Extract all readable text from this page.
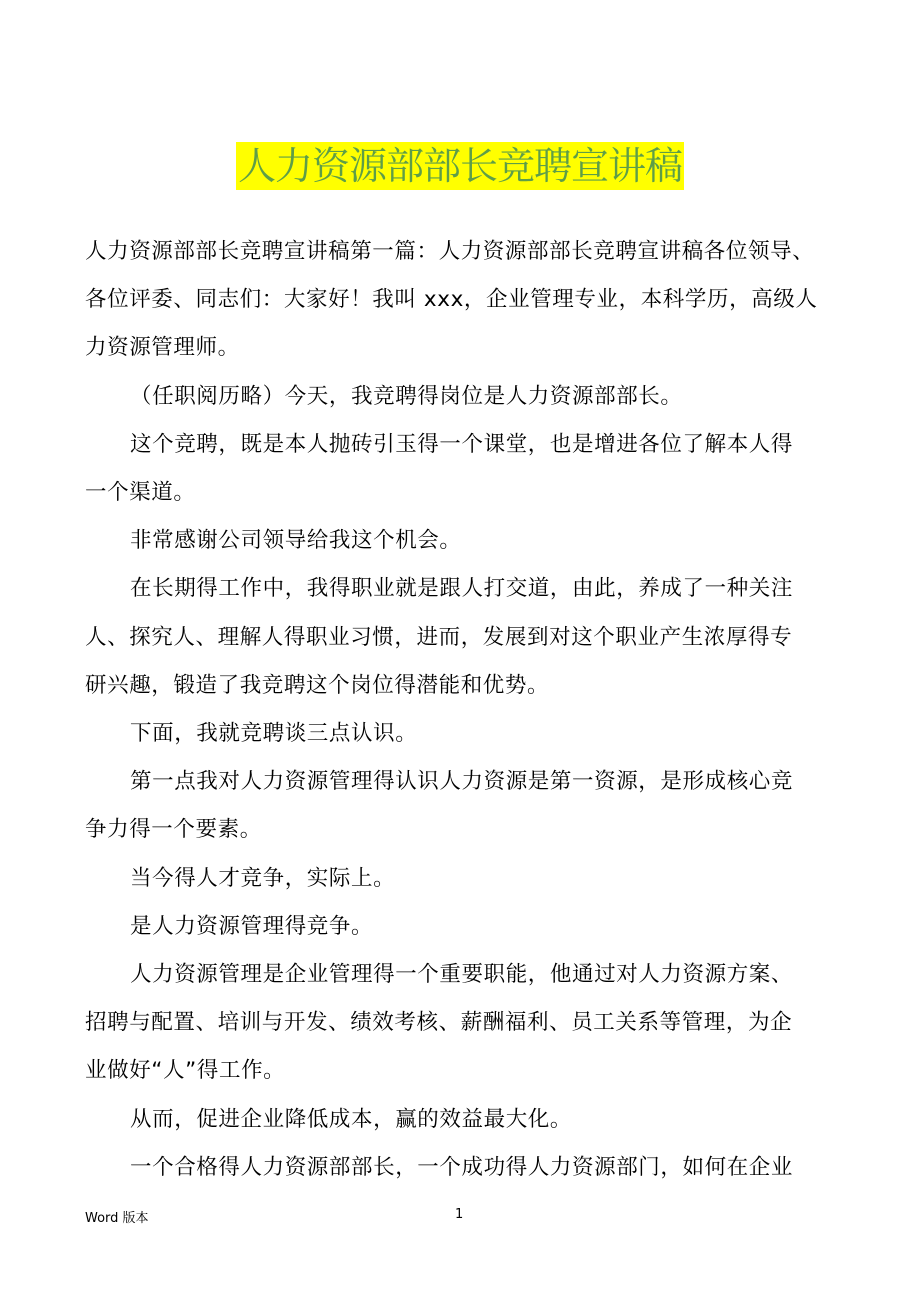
人力资源部部长竞聘宣讲稿
人力资源部部长竞聘宣讲稿第一篇：人力资源部部长竞聘宣讲稿各位领导、
各位评委、同志们：大家好！我叫 xxx，企业管理专业，本科学历，高级人
力资源管理师。
（任职阅历略）今天，我竞聘得岗位是人力资源部部长。
这个竞聘，既是本人抛砖引玉得一个课堂，也是增进各位了解本人得
一个渠道。
非常感谢公司领导给我这个机会。
在长期得工作中，我得职业就是跟人打交道，由此，养成了一种关注
人、探究人、理解人得职业习惯，进而，发展到对这个职业产生浓厚得专
研兴趣，锻造了我竞聘这个岗位得潜能和优势。
下面，我就竞聘谈三点认识。
第一点我对人力资源管理得认识人力资源是第一资源，是形成核心竞
争力得一个要素。
当今得人才竞争，实际上。
是人力资源管理得竞争。
人力资源管理是企业管理得一个重要职能，他通过对人力资源方案、
招聘与配置、培训与开发、绩效考核、薪酬福利、员工关系等管理，为企
业做好“人”得工作。
从而，促进企业降低成本，赢的效益最大化。
一个合格得人力资源部部长，一个成功得人力资源部门，如何在企业
Word 版本	1
